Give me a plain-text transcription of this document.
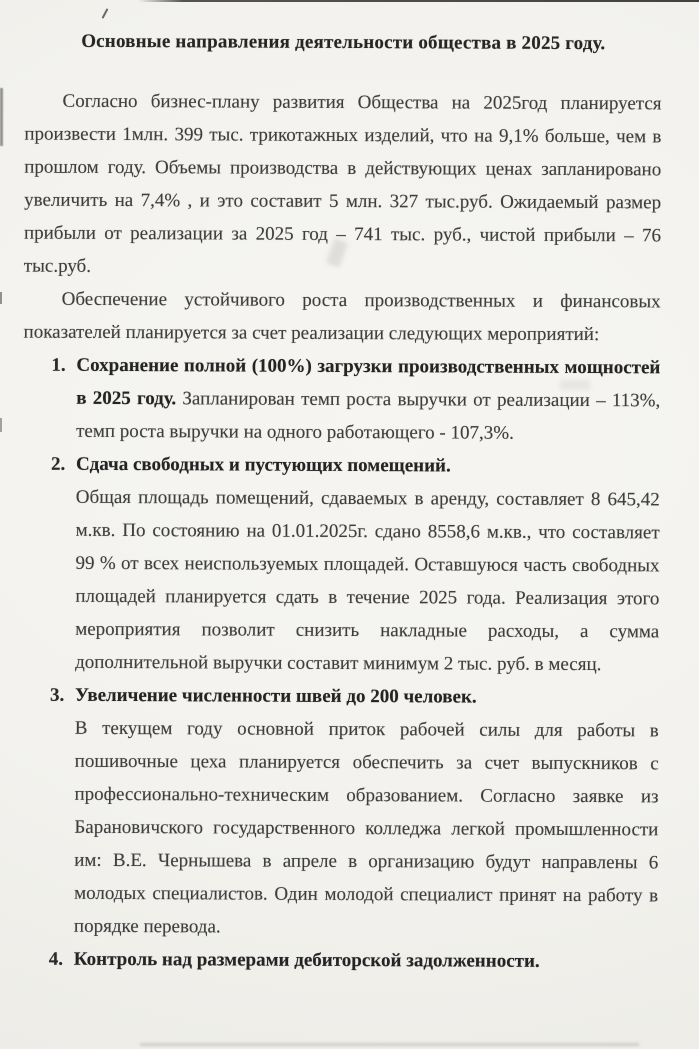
Основные направления деятельности общества в 2025 году.

Согласно бизнес-плану развития Общества на 2025год планируется произвести 1млн. 399 тыс. трикотажных изделий, что на 9,1% больше, чем в прошлом году. Объемы производства в действующих ценах запланировано увеличить на 7,4% , и это составит 5 млн. 327 тыс.руб. Ожидаемый размер прибыли от реализации за 2025 год – 741 тыс. руб., чистой прибыли – 76 тыс.руб.

Обеспечение устойчивого роста производственных и финансовых показателей планируется за счет реализации следующих мероприятий:

1. Сохранение полной (100%) загрузки производственных мощностей в 2025 году. Запланирован темп роста выручки от реализации – 113%, темп роста выручки на одного работающего - 107,3%.

2. Сдача свободных и пустующих помещений.

Общая площадь помещений, сдаваемых в аренду, составляет 8 645,42 м.кв. По состоянию на 01.01.2025г. сдано 8558,6 м.кв., что составляет 99 % от всех неиспользуемых площадей. Оставшуюся часть свободных площадей планируется сдать в течение 2025 года. Реализация этого мероприятия позволит снизить накладные расходы, а сумма дополнительной выручки составит минимум 2 тыс. руб. в месяц.

3. Увеличение численности швей до 200 человек.

В текущем году основной приток рабочей силы для работы в пошивочные цеха планируется обеспечить за счет выпускников с профессионально-техническим образованием. Согласно заявке из Барановичского государственного колледжа легкой промышленности им: В.Е. Чернышева в апреле в организацию будут направлены 6 молодых специалистов. Один молодой специалист принят на работу в порядке перевода.

4. Контроль над размерами дебиторской задолженности.
